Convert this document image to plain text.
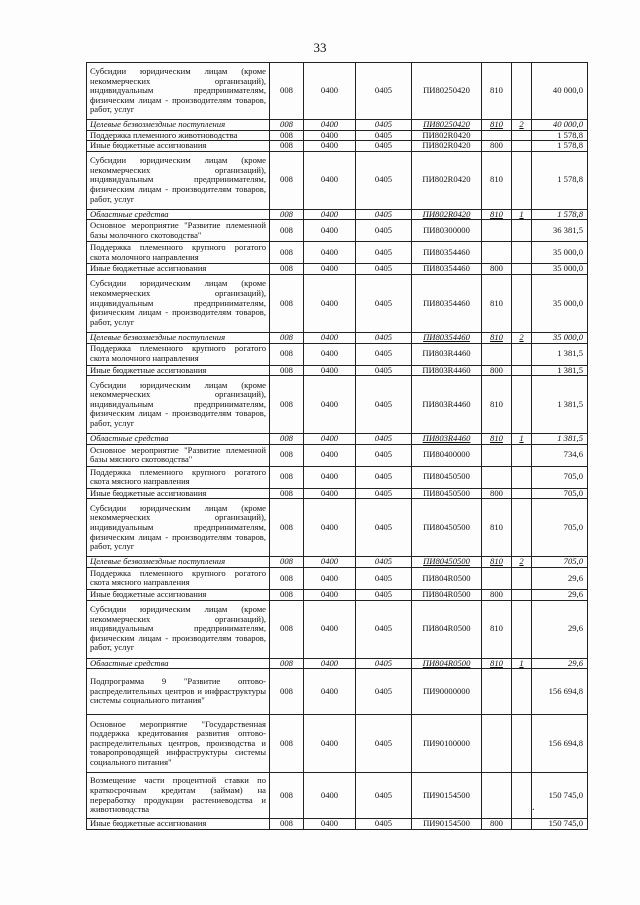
33
Субсидии юридическим лицам (кроме некоммерческих организаций), индивидуальным предпринимателям, физическим лицам - производителям товаров, работ, услуг	008	0400	0405	ПИ80250420	810		40 000,0
Целевые безвозмездные поступления	008	0400	0405	ПИ80250420	810	2	40 000,0
Поддержка племенного животноводства	008	0400	0405	ПИ802R0420			1 578,8
Иные бюджетные ассигнования	008	0400	0405	ПИ802R0420	800		1 578,8
Субсидии юридическим лицам (кроме некоммерческих организаций), индивидуальным предпринимателям, физическим лицам - производителям товаров, работ, услуг	008	0400	0405	ПИ802R0420	810		1 578,8
Областные средства	008	0400	0405	ПИ802R0420	810	1	1 578,8
Основное мероприятие "Развитие племенной базы молочного скотоводства"	008	0400	0405	ПИ80300000			36 381,5
Поддержка племенного крупного рогатого скота молочного направления	008	0400	0405	ПИ80354460			35 000,0
Иные бюджетные ассигнования	008	0400	0405	ПИ80354460	800		35 000,0
Субсидии юридическим лицам (кроме некоммерческих организаций), индивидуальным предпринимателям, физическим лицам - производителям товаров, работ, услуг	008	0400	0405	ПИ80354460	810		35 000,0
Целевые безвозмездные поступления	008	0400	0405	ПИ80354460	810	2	35 000,0
Поддержка племенного крупного рогатого скота молочного направления	008	0400	0405	ПИ803R4460			1 381,5
Иные бюджетные ассигнования	008	0400	0405	ПИ803R4460	800		1 381,5
Субсидии юридическим лицам (кроме некоммерческих организаций), индивидуальным предпринимателям, физическим лицам - производителям товаров, работ, услуг	008	0400	0405	ПИ803R4460	810		1 381,5
Областные средства	008	0400	0405	ПИ803R4460	810	1	1 381,5
Основное мероприятие "Развитие племенной базы мясного скотоводства"	008	0400	0405	ПИ80400000			734,6
Поддержка племенного крупного рогатого скота мясного направления	008	0400	0405	ПИ80450500			705,0
Иные бюджетные ассигнования	008	0400	0405	ПИ80450500	800		705,0
Субсидии юридическим лицам (кроме некоммерческих организаций), индивидуальным предпринимателям, физическим лицам - производителям товаров, работ, услуг	008	0400	0405	ПИ80450500	810		705,0
Целевые безвозмездные поступления	008	0400	0405	ПИ80450500	810	2	705,0
Поддержка племенного крупного рогатого скота мясного направления	008	0400	0405	ПИ804R0500			29,6
Иные бюджетные ассигнования	008	0400	0405	ПИ804R0500	800		29,6
Субсидии юридическим лицам (кроме некоммерческих организаций), индивидуальным предпринимателям, физическим лицам - производителям товаров, работ, услуг	008	0400	0405	ПИ804R0500	810		29,6
Областные средства	008	0400	0405	ПИ804R0500	810	1	29,6
Подпрограмма 9 "Развитие оптово-распределительных центров и инфраструктуры системы социального питания"	008	0400	0405	ПИ90000000			156 694,8
Основное мероприятие "Государственная поддержка кредитования развития оптово-распределительных центров, производства и товаропроводящей инфраструктуры системы социального питания"	008	0400	0405	ПИ90100000			156 694,8
Возмещение части процентной ставки по краткосрочным кредитам (займам) на переработку продукции растениеводства и животноводства	008	0400	0405	ПИ90154500			150 745,0
Иные бюджетные ассигнования	008	0400	0405	ПИ90154500	800		150 745,0
.
